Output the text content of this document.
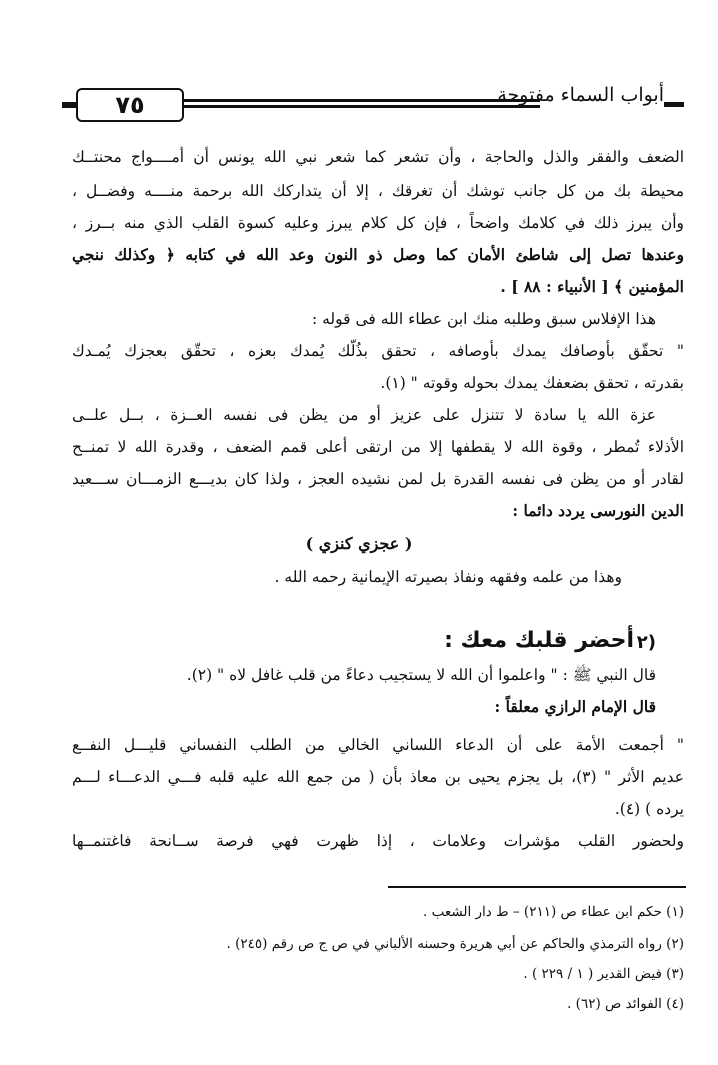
٧٥	أبواب السماء مفتوحة
الضعف والفقر والذل والحاجة ، وأن تشعر كما شعر نبي الله يونس أن أمــــواج محنتــك
محيطة بك من كل جانب توشك أن تغرقك ، إلا أن يتداركك الله برحمة منــــه وفضــل ،
وأن يبرز ذلك في كلامك واضحاً ، فإن كل كلام يبرز وعليه كسوة القلب الذي منه بــرز ،
وعندها تصل إلى شاطئ الأمان كما وصل ذو النون وعد الله في كتابه ﴿ وكذلك ننجي
المؤمنين ﴾ [ الأنبياء : ٨٨ ] .
هذا الإفلاس سبق وطلبه منك ابن عطاء الله فى قوله :
" تحقّق بأوصافك يمدك بأوصافه ، تحقق بذُلّك يُمدك بعزه ، تحقّق بعجزك يُمـدك
بقدرته ، تحقق بضعفك يمدك بحوله وقوته " (١).
عزة الله يا سادة لا تتنزل على عزيز أو من يظن فى نفسه العــزة ، بــل علــى
الأذلاء تُمطر ، وقوة الله لا يقطفها إلا من ارتقى أعلى قمم الضعف ، وقدرة الله لا تمنــح
لقادر أو من يظن فى نفسه القدرة بل لمن نشيده العجز ، ولذا كان بديـــع الزمـــان ســـعيد
الدين النورسى يردد دائما :
( عجزي كنزي )
وهذا من علمه وفقهه ونفاذ بصيرته الإيمانية رحمه الله .
٢)
أحضر قلبك معك :
قال النبي ﷺ : " واعلموا أن الله لا يستجيب دعاءً من قلب غافل لاه " (٢).
قال الإمام الرازي معلقاً :
" أجمعت الأمة على أن الدعاء اللساني الخالي من الطلب النفساني قليـــل النفــع
عديم الأثر " (٣)، بل يجزم يحيى بن معاذ بأن ( من جمع الله عليه قلبه فـــي الدعـــاء لـــم
يرده ) (٤).
ولحضور القلب مؤشرات وعلامات ، إذا ظهرت فهي فرصة ســانحة فاغتنمــها
(١) حكم ابن عطاء ص (٢١١) – ط دار الشعب .
(٢) رواه الترمذي والحاكم عن أبي هريرة وحسنه الألباني في ص ج ص رقم (٢٤٥) .
(٣) فيض القدير ( ١ / ٢٢٩ ) .
(٤) الفوائد ص (٦٢) .
